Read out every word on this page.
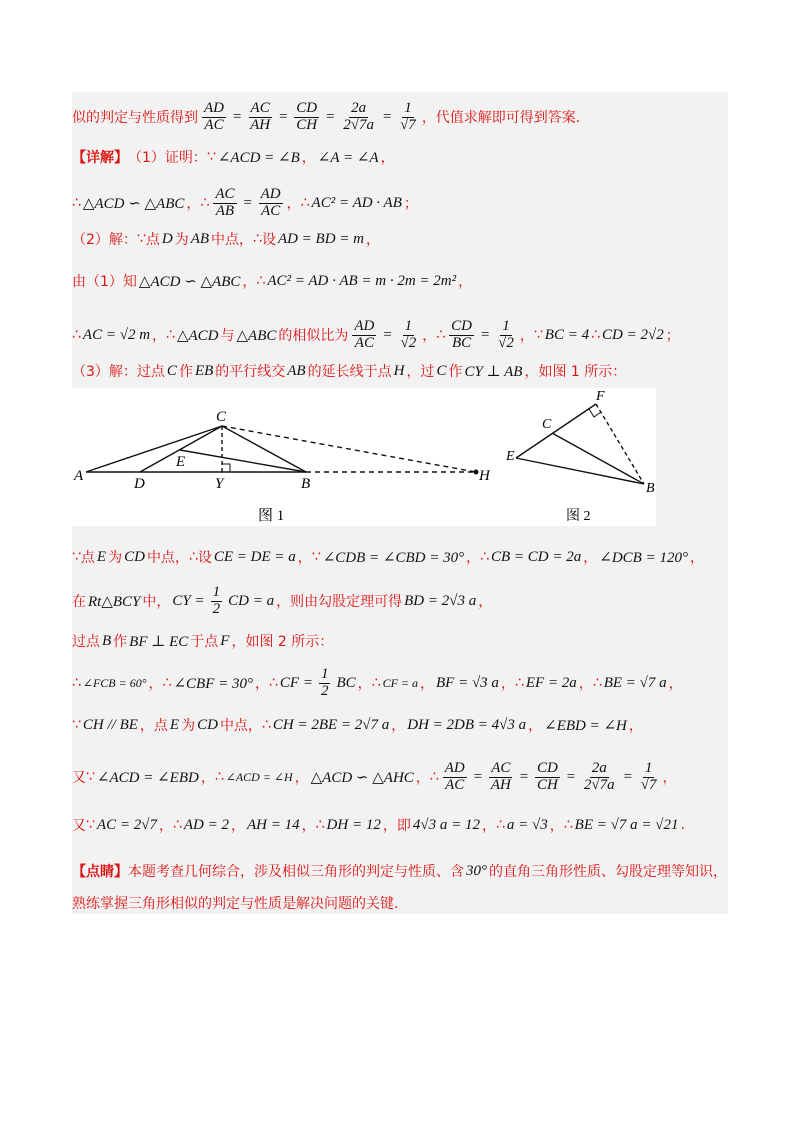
似的判定与性质得到 $\frac{AD}{AC} = \frac{AC}{AH} = \frac{CD}{CH} = \frac{2a}{2√7a} = \frac{1}{√7}$ ，代值求解即可得到答案.
【详解】 （1）证明： ∵ ∠ACD = ∠B ， ∠A = ∠A ，
∴ △ACD ∽ △ABC ， ∴ $\frac{AC}{AB} = \frac{AD}{AC}$ ， ∴ AC² = AD · AB ；
（2）解： ∵ 点 D 为 AB 中点， ∴ 设 AD = BD = m ，
由（1）知 △ACD ∽ △ABC ， ∴ AC² = AD · AB = m · 2m = 2m² ，
∴ AC = √2 m ， ∴ △ACD 与 △ABC 的相似比为 $\frac{AD}{AC} = \frac{1}{√2}$ ， ∴ $\frac{CD}{BC} = \frac{1}{√2}$ ， ∵ BC = 4 ∴ CD = 2√2 ；
（3）解：过点 C 作 EB 的平行线交 AB 的延长线于点 H ，过 C 作 CY ⊥ AB ，如图 1 所示：
∵ 点 E 为 CD 中点， ∴ 设 CE = DE = a ， ∵ ∠CDB = ∠CBD = 30° ， ∴ CB = CD = 2a ， ∠DCB = 120° ，
在 Rt△BCY 中， CY = $\frac{1}{2}$ CD = a ，则由勾股定理可得 BD = 2√3 a ，
过点 B 作 BF ⊥ EC 于点 F ，如图 2 所示：
∴ ∠FCB = 60° ， ∴ ∠CBF = 30° ， ∴ CF = $\frac{1}{2}$ BC ， ∴ CF = a ， BF = √3 a ， ∴ EF = 2a ， ∴ BE = √7 a ，
∵ CH // BE ，点 E 为 CD 中点， ∴ CH = 2BE = 2√7 a ， DH = 2DB = 4√3 a ， ∠EBD = ∠H ，
又 ∵ ∠ACD = ∠EBD ， ∴ ∠ACD = ∠H ， △ACD ∽ △AHC ， ∴ $\frac{AD}{AC} = \frac{AC}{AH} = \frac{CD}{CH} = \frac{2a}{2√7a} = \frac{1}{√7}$ ，
又 ∵ AC = 2√7 ， ∴ AD = 2 ， AH = 14 ， ∴ DH = 12 ，即 4√3 a = 12 ， ∴ a = √3 ， ∴ BE = √7 a = √21 .
【点睛】 本题考查几何综合，涉及相似三角形的判定与性质、含 30° 的直角三角形性质、勾股定理等知识，
熟练掌握三角形相似的判定与性质是解决问题的关键.
A
C
E
D	Y	B	H
图 1
F
C
E
B
图 2
